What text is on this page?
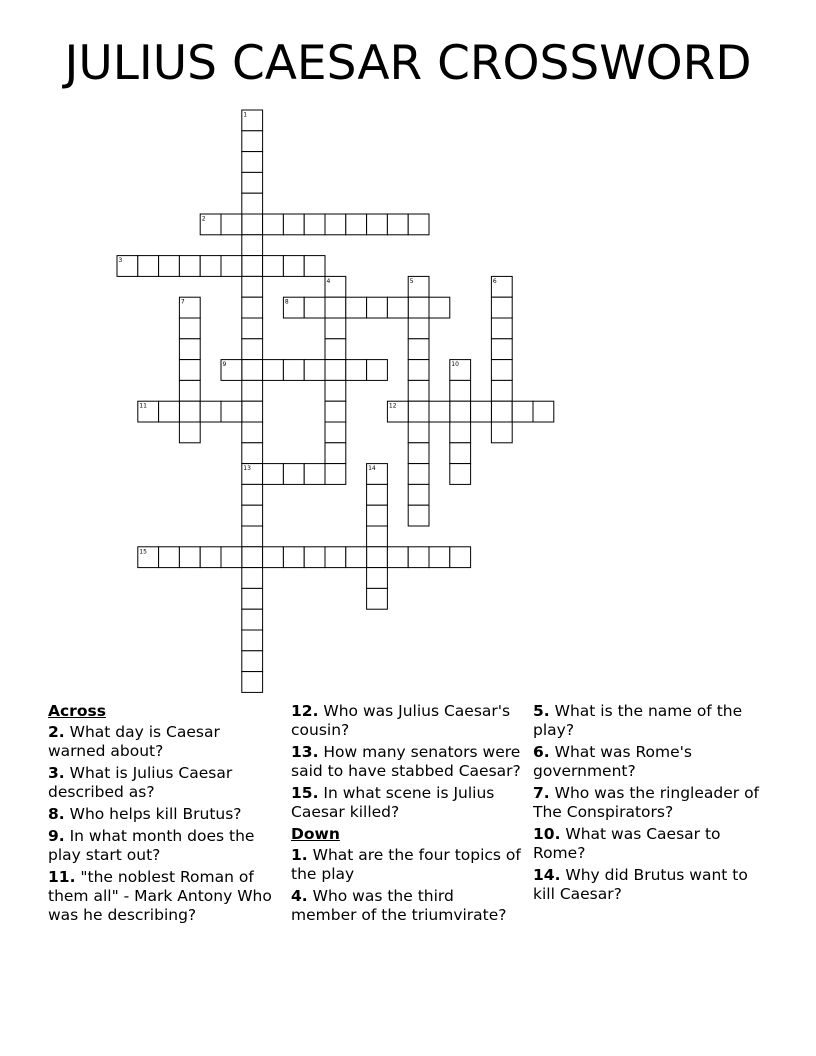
JULIUS CAESAR CROSSWORD
1
2
3
4	5	6
7	8
9	10
11	12
13	14
15
Across
2. What day is Caesar warned about?
3. What is Julius Caesar described as?
8. Who helps kill Brutus?
9. In what month does the play start out?
11. "the noblest Roman of them all" - Mark Antony Who was he describing?
12. Who was Julius Caesar's cousin?
13. How many senators were said to have stabbed Caesar?
15. In what scene is Julius Caesar killed?
Down
1. What are the four topics of the play
4. Who was the third member of the triumvirate?
5. What is the name of the play?
6. What was Rome's government?
7. Who was the ringleader of The Conspirators?
10. What was Caesar to Rome?
14. Why did Brutus want to kill Caesar?
